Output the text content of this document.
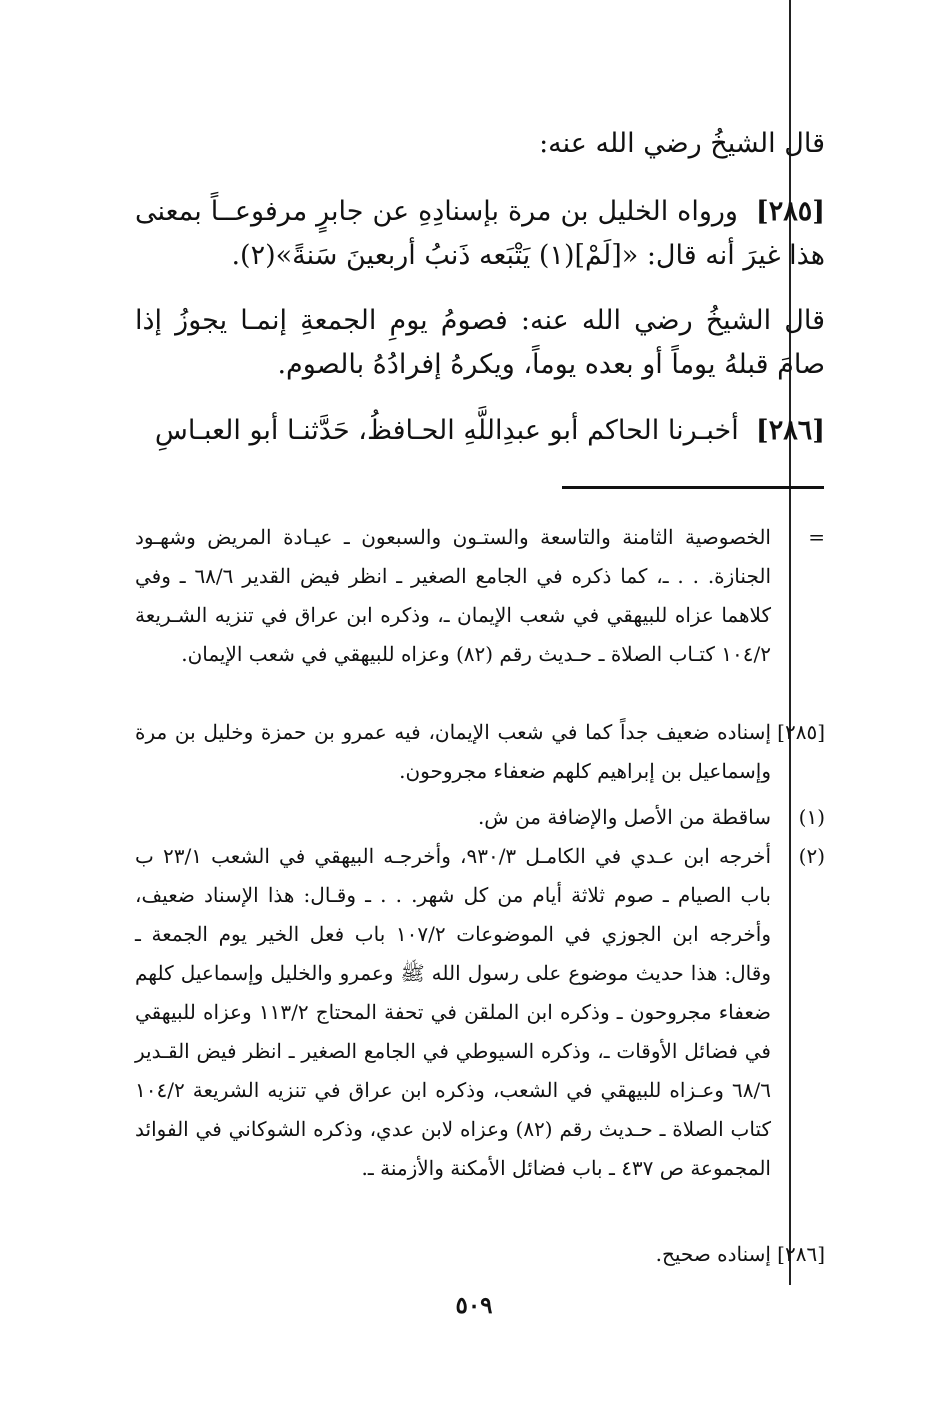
قال الشيخُ رضي الله عنه:

[٢٨٥]  ورواه الخليل بن مرة بإسنادِهِ عن جابرٍ مرفوعــاً بمعنى هذا غيرَ أنه قال: «[لَمْ](١) يَتْبَعه ذَنبُ أربعينَ سَنةً»(٢).

قال الشيخُ رضي الله عنه: فصومُ يومِ الجمعةِ إنمـا يجوزُ إذا صامَ قبلهُ يوماً أو بعده يوماً، ويكرهُ إفرادُهُ بالصوم.

[٢٨٦]  أخبـرنا الحاكم أبو عبدِاللَّهِ الحـافظُ، حَدَّثنـا أبو العبـاسِ

=
الخصوصية الثامنة والتاسعة والستـون والسبعون ـ عيـادة المريض وشهـود الجنازة. . . ـ، كما ذكره في الجامع الصغير ـ انظر فيض القدير ٦٨/٦ ـ وفي كلاهما عزاه للبيهقي في شعب الإيمان ـ، وذكره ابن عراق في تنزيه الشـريعة ١٠٤/٢ كتـاب الصلاة ـ حـديث رقم (٨٢) وعزاه للبيهقي في شعب الإيمان.
[٢٨٥]
إسناده ضعيف جداً كما في شعب الإيمان، فيه عمرو بن حمزة وخليل بن مرة وإسماعيل بن إبراهيم كلهم ضعفاء مجروحون.
(١)
ساقطة من الأصل والإضافة من ش.
(٢)
أخرجه ابن عـدي في الكامـل ٩٣٠/٣، وأخرجـه البيهقي في الشعب ٢٣/١ ب باب الصيام ـ صوم ثلاثة أيام من كل شهر. . . ـ وقـال: هذا الإسناد ضعيف، وأخرجه ابن الجوزي في الموضوعات ١٠٧/٢ باب فعل الخير يوم الجمعة ـ وقال: هذا حديث موضوع على رسول الله ﷺ وعمرو والخليل وإسماعيل كلهم ضعفاء مجروحون ـ وذكره ابن الملقن في تحفة المحتاج ١١٣/٢ وعزاه للبيهقي في فضائل الأوقات ـ، وذكره السيوطي في الجامع الصغير ـ انظر فيض القـدير ٦٨/٦ وعـزاه للبيهقي في الشعب، وذكره ابن عراق في تنزيه الشريعة ١٠٤/٢ كتاب الصلاة ـ حـديث رقم (٨٢) وعزاه لابن عدي، وذكره الشوكاني في الفوائد المجموعة ص ٤٣٧ ـ باب فضائل الأمكنة والأزمنة ـ.
[٢٨٦]
إسناده صحيح.
٥٠٩
